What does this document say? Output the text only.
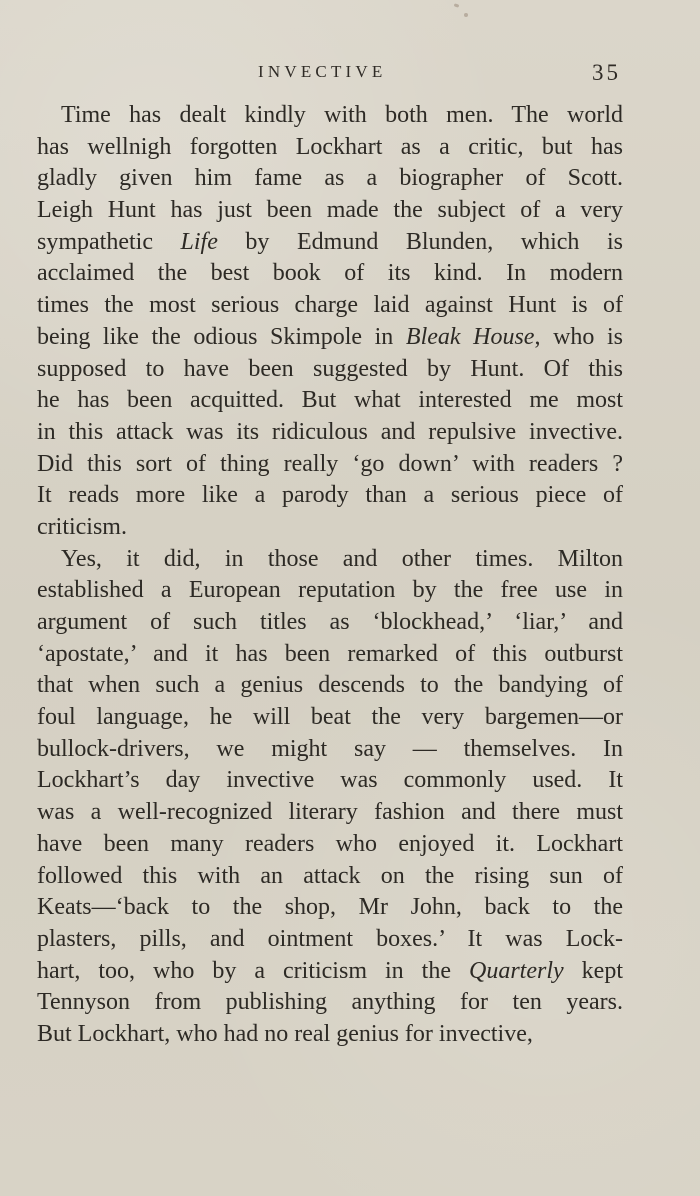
INVECTIVE	35
Time has dealt kindly with both men. The world
has wellnigh forgotten Lockhart as a critic, but has
gladly given him fame as a biographer of Scott.
Leigh Hunt has just been made the subject of a very
sympathetic Life by Edmund Blunden, which is
acclaimed the best book of its kind. In modern
times the most serious charge laid against Hunt is of
being like the odious Skimpole in Bleak House, who is
supposed to have been suggested by Hunt. Of this
he has been acquitted. But what interested me most
in this attack was its ridiculous and repulsive invective.
Did this sort of thing really ‘go down’ with readers ?
It reads more like a parody than a serious piece of
criticism.
Yes, it did, in those and other times. Milton
established a European reputation by the free use in
argument of such titles as ‘blockhead,’ ‘liar,’ and
‘apostate,’ and it has been remarked of this outburst
that when such a genius descends to the bandying of
foul language, he will beat the very bargemen—or
bullock-drivers, we might say — themselves. In
Lockhart’s day invective was commonly used. It
was a well-recognized literary fashion and there must
have been many readers who enjoyed it. Lockhart
followed this with an attack on the rising sun of
Keats—‘back to the shop, Mr John, back to the
plasters, pills, and ointment boxes.’ It was Lock-
hart, too, who by a criticism in the Quarterly kept
Tennyson from publishing anything for ten years.
But Lockhart, who had no real genius for invective,
